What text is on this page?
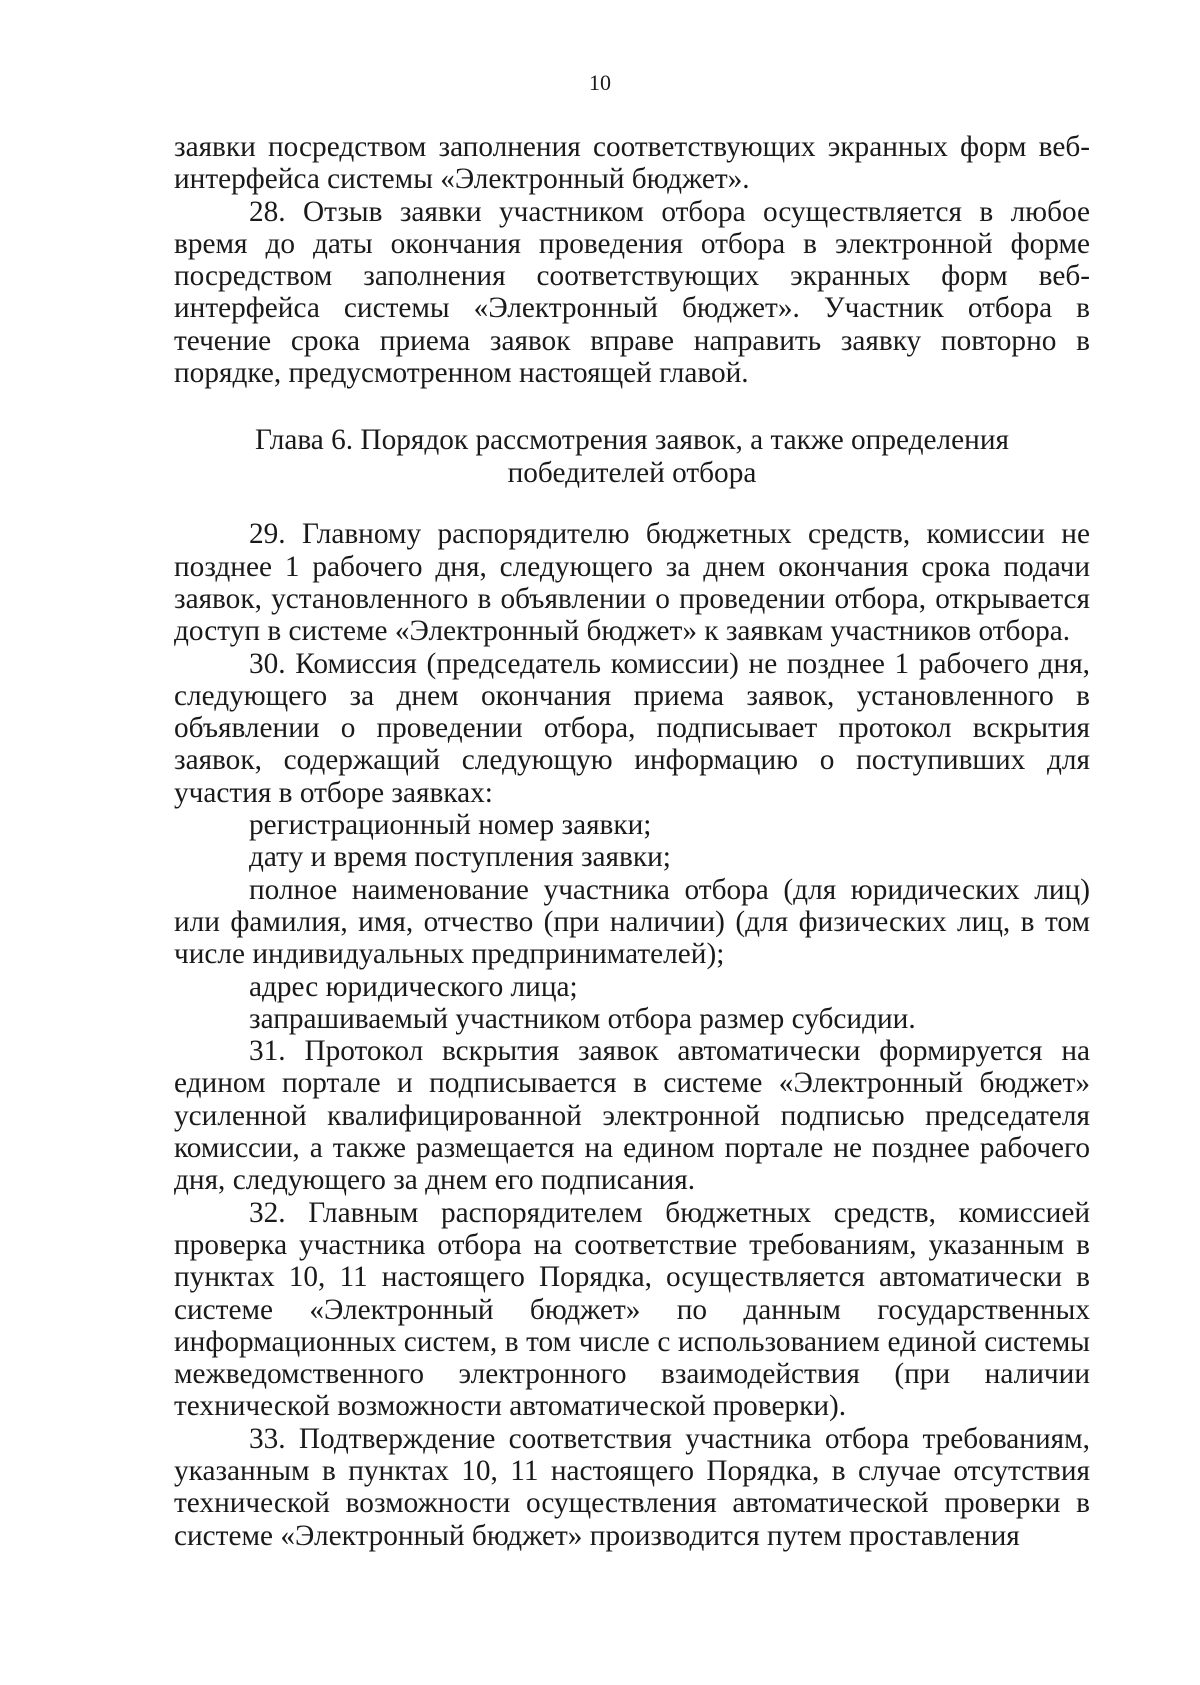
10

заявки посредством заполнения соответствующих экранных форм веб-интерфейса системы «Электронный бюджет».

28. Отзыв заявки участником отбора осуществляется в любое время до даты окончания проведения отбора в электронной форме посредством заполнения соответствующих экранных форм веб-интерфейса системы «Электронный бюджет». Участник отбора в течение срока приема заявок вправе направить заявку повторно в порядке, предусмотренном настоящей главой.

Глава 6. Порядок рассмотрения заявок, а также определения
победителей отбора

29. Главному распорядителю бюджетных средств, комиссии не позднее 1 рабочего дня, следующего за днем окончания срока подачи заявок, установленного в объявлении о проведении отбора, открывается доступ в системе «Электронный бюджет» к заявкам участников отбора.

30. Комиссия (председатель комиссии) не позднее 1 рабочего дня, следующего за днем окончания приема заявок, установленного в объявлении о проведении отбора, подписывает протокол вскрытия заявок, содержащий следующую информацию о поступивших для участия в отборе заявках:

регистрационный номер заявки;

дату и время поступления заявки;

полное наименование участника отбора (для юридических лиц) или фамилия, имя, отчество (при наличии) (для физических лиц, в том числе индивидуальных предпринимателей);

адрес юридического лица;

запрашиваемый участником отбора размер субсидии.

31. Протокол вскрытия заявок автоматически формируется на едином портале и подписывается в системе «Электронный бюджет» усиленной квалифицированной электронной подписью председателя комиссии, а также размещается на едином портале не позднее рабочего дня, следующего за днем его подписания.

32. Главным распорядителем бюджетных средств, комиссией проверка участника отбора на соответствие требованиям, указанным в пунктах 10, 11 настоящего Порядка, осуществляется автоматически в системе «Электронный бюджет» по данным государственных информационных систем, в том числе с использованием единой системы межведомственного электронного взаимодействия (при наличии технической возможности автоматической проверки).

33. Подтверждение соответствия участника отбора требованиям, указанным в пунктах 10, 11 настоящего Порядка, в случае отсутствия технической возможности осуществления автоматической проверки в системе «Электронный бюджет» производится путем проставления
